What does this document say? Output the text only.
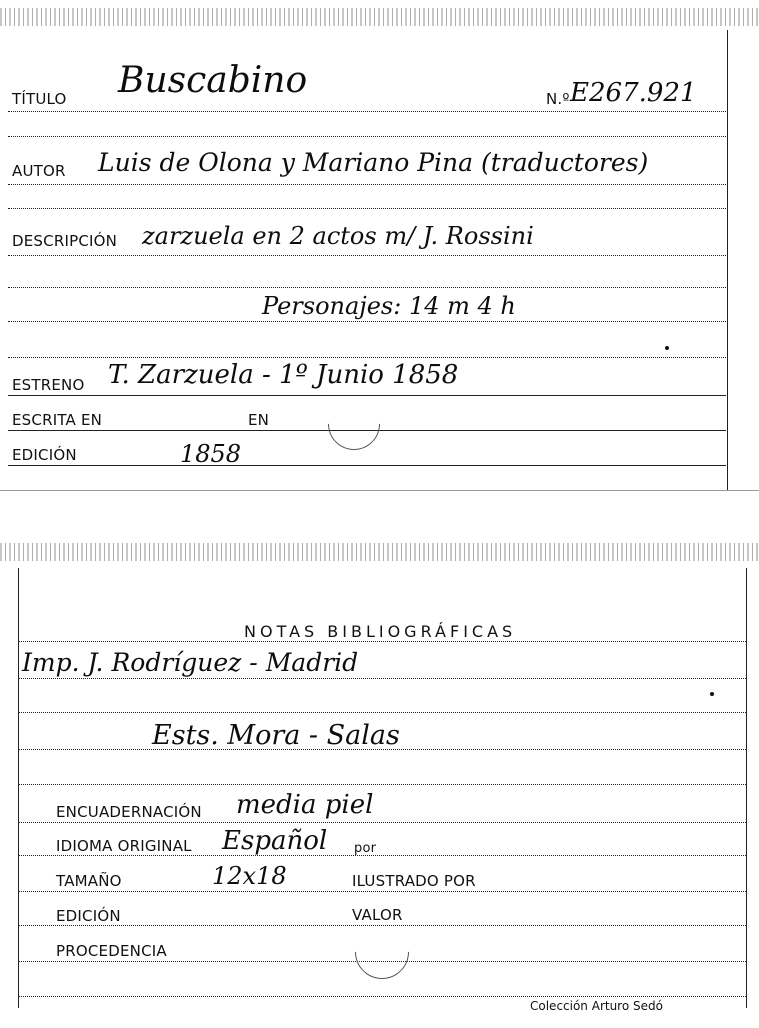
TÍTULO Buscabino	N.º E267.921
AUTOR Luis de Olona y Mariano Pina (traductores)
DESCRIPCIÓN zarzuela en 2 actos m/ J. Rossini
Personajes: 14 m 4 h
ESTRENO T. Zarzuela - 1º Junio 1858
ESCRITA EN	EN
EDICIÓN	1858
NOTAS BIBLIOGRÁFICAS
Imp. J. Rodríguez - Madrid
Ests. Mora - Salas
ENCUADERNACIÓN media piel
IDIOMA ORIGINAL Español por
TAMAÑO	12x18	ILUSTRADO POR
EDICIÓN	VALOR
PROCEDENCIA
Colección Arturo Sedó
